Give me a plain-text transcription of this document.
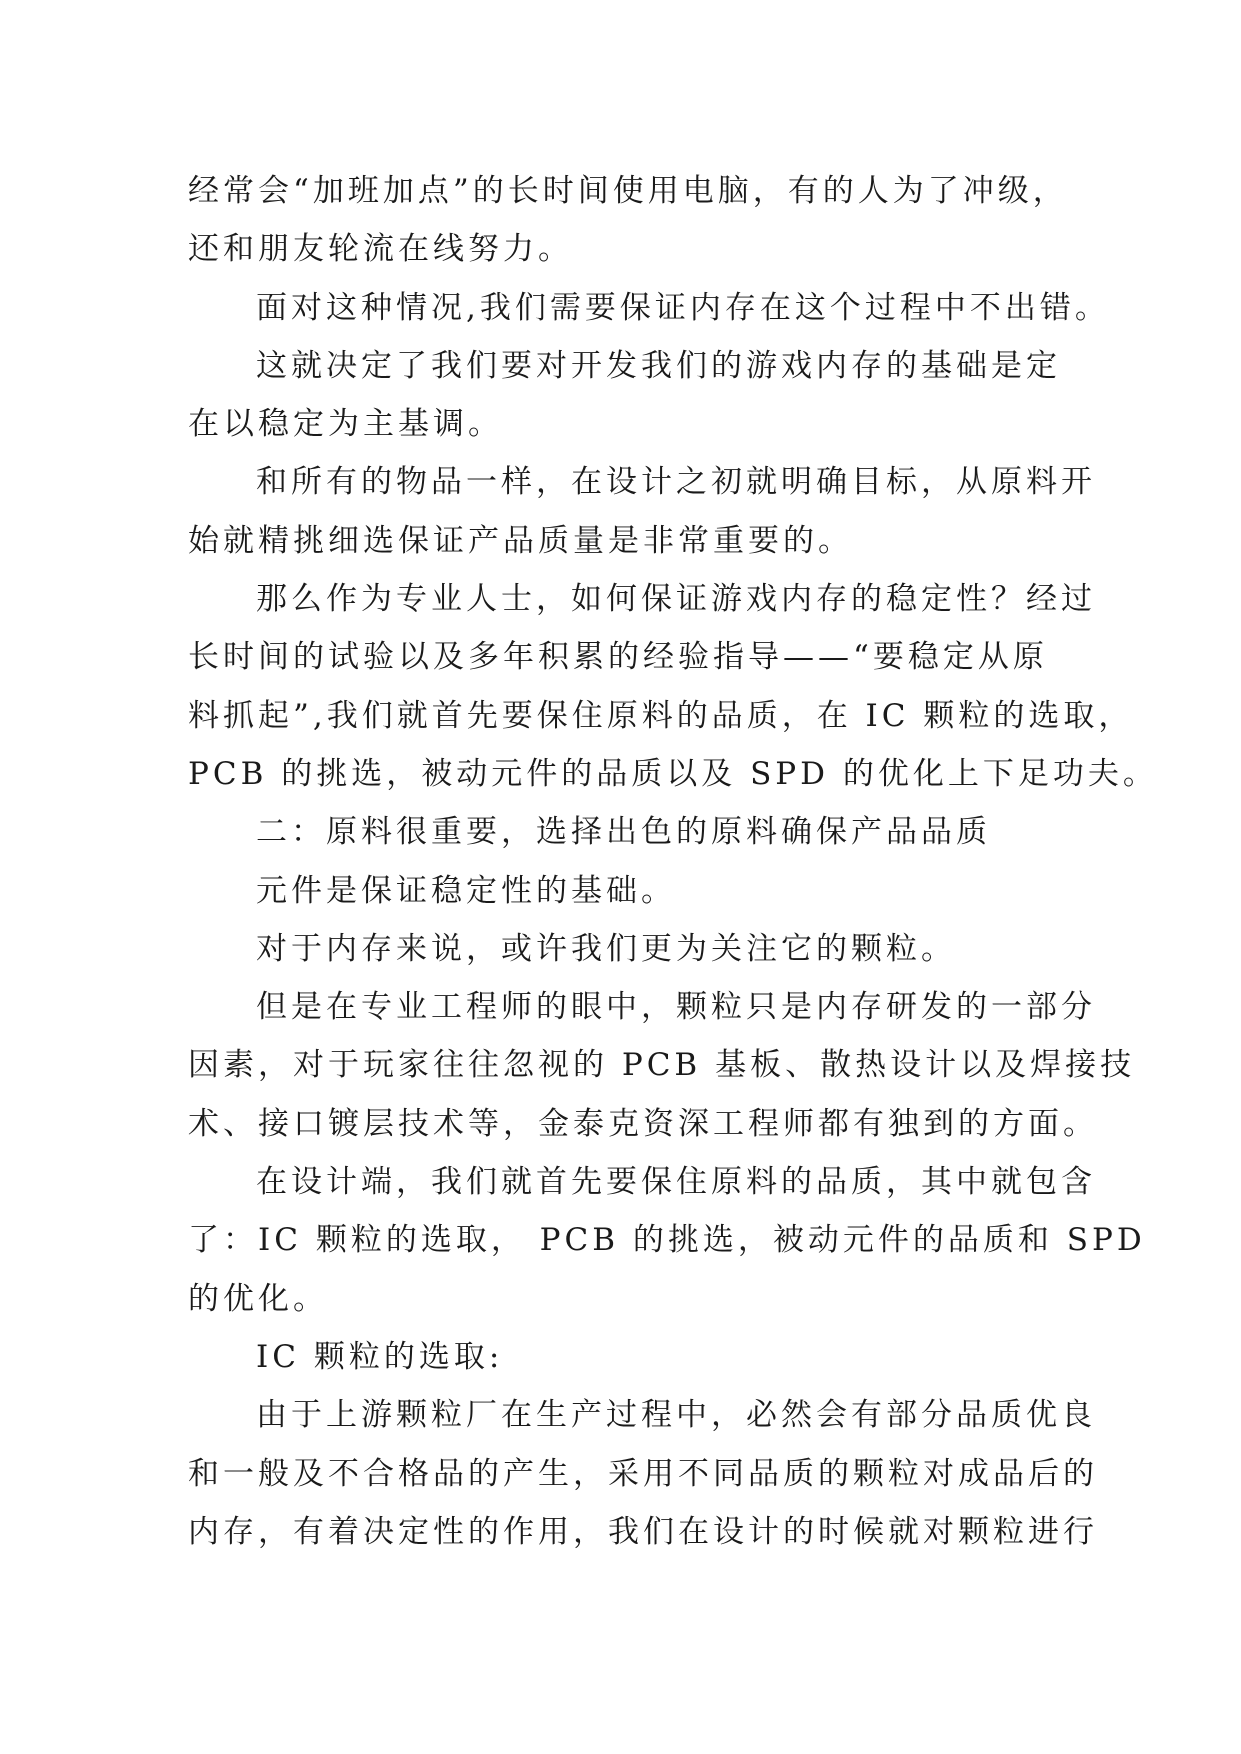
经常会“加班加点”的长时间使用电脑，有的人为了冲级，
还和朋友轮流在线努力。
面对这种情况,我们需要保证内存在这个过程中不出错。
这就决定了我们要对开发我们的游戏内存的基础是定
在以稳定为主基调。
和所有的物品一样，在设计之初就明确目标，从原料开
始就精挑细选保证产品质量是非常重要的。
那么作为专业人士，如何保证游戏内存的稳定性？经过
长时间的试验以及多年积累的经验指导——“要稳定从原
料抓起”,我们就首先要保住原料的品质，在 IC 颗粒的选取，
PCB 的挑选，被动元件的品质以及 SPD 的优化上下足功夫。
二：原料很重要，选择出色的原料确保产品品质
元件是保证稳定性的基础。
对于内存来说，或许我们更为关注它的颗粒。
但是在专业工程师的眼中，颗粒只是内存研发的一部分
因素，对于玩家往往忽视的 PCB 基板、散热设计以及焊接技
术、接口镀层技术等，金泰克资深工程师都有独到的方面。
在设计端，我们就首先要保住原料的品质，其中就包含
了：IC 颗粒的选取， PCB 的挑选，被动元件的品质和 SPD
的优化。
IC 颗粒的选取:
由于上游颗粒厂在生产过程中，必然会有部分品质优良
和一般及不合格品的产生，采用不同品质的颗粒对成品后的
内存，有着决定性的作用，我们在设计的时候就对颗粒进行
